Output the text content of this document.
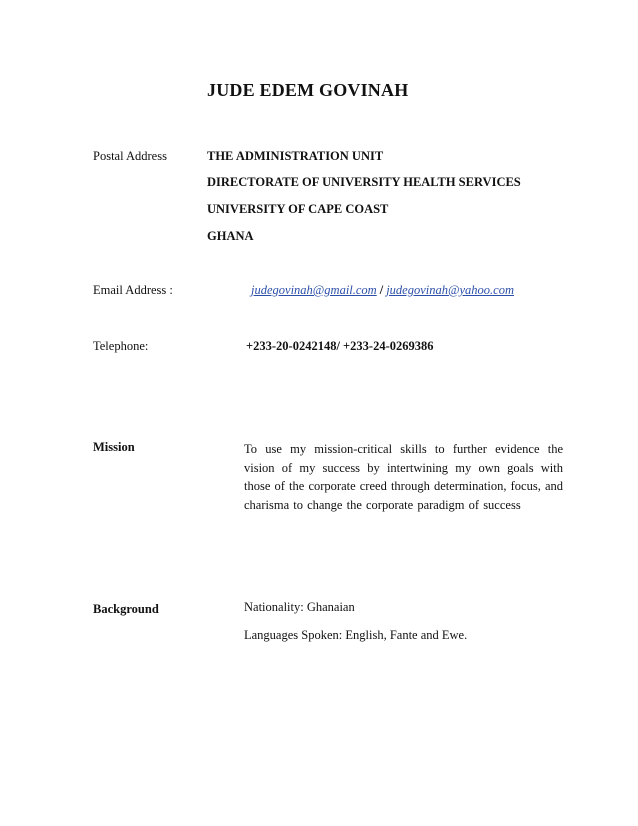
JUDE EDEM GOVINAH
Postal Address	THE ADMINISTRATION UNIT
DIRECTORATE OF UNIVERSITY HEALTH SERVICES
UNIVERSITY OF CAPE COAST
GHANA
Email Address :	judegovinah@gmail.com / judegovinah@yahoo.com
Telephone:	+233-20-0242148/ +233-24-0269386
Mission	To use my mission-critical skills to further evidence the vision of my success by intertwining my own goals with those of the corporate creed through determination, focus, and charisma to change the corporate paradigm of success
Background	Nationality: Ghanaian
Languages Spoken: English, Fante and Ewe.
